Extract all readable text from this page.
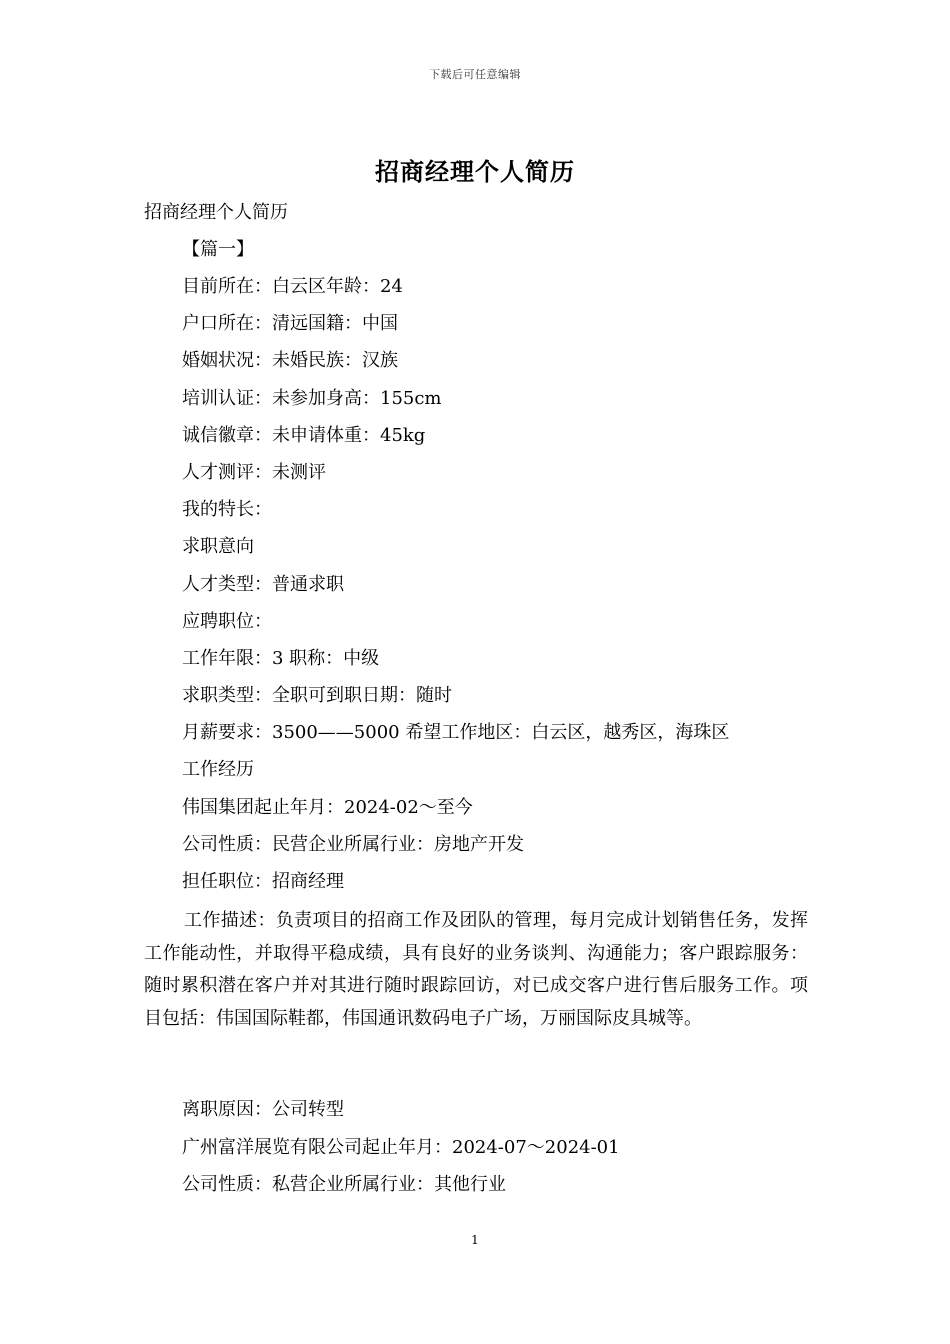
下载后可任意编辑
招商经理个人简历
招商经理个人简历
【篇一】
目前所在：白云区年龄：24
户口所在：清远国籍：中国
婚姻状况：未婚民族：汉族
培训认证：未参加身高：155cm
诚信徽章：未申请体重：45kg
人才测评：未测评
我的特长：
求职意向
人才类型：普通求职
应聘职位：
工作年限：3 职称：中级
求职类型：全职可到职日期：随时
月薪要求：3500——5000 希望工作地区：白云区，越秀区，海珠区
工作经历
伟国集团起止年月：2024-02～至今
公司性质：民营企业所属行业：房地产开发
担任职位：招商经理

工作描述：负责项目的招商工作及团队的管理，每月完成计划销售任务，发挥工作能动性，并取得平稳成绩，具有良好的业务谈判、沟通能力；客户跟踪服务：随时累积潜在客户并对其进行随时跟踪回访，对已成交客户进行售后服务工作。项目包括：伟国国际鞋都，伟国通讯数码电子广场，万丽国际皮具城等。

离职原因：公司转型
广州富洋展览有限公司起止年月：2024-07～2024-01
公司性质：私营企业所属行业：其他行业
1
